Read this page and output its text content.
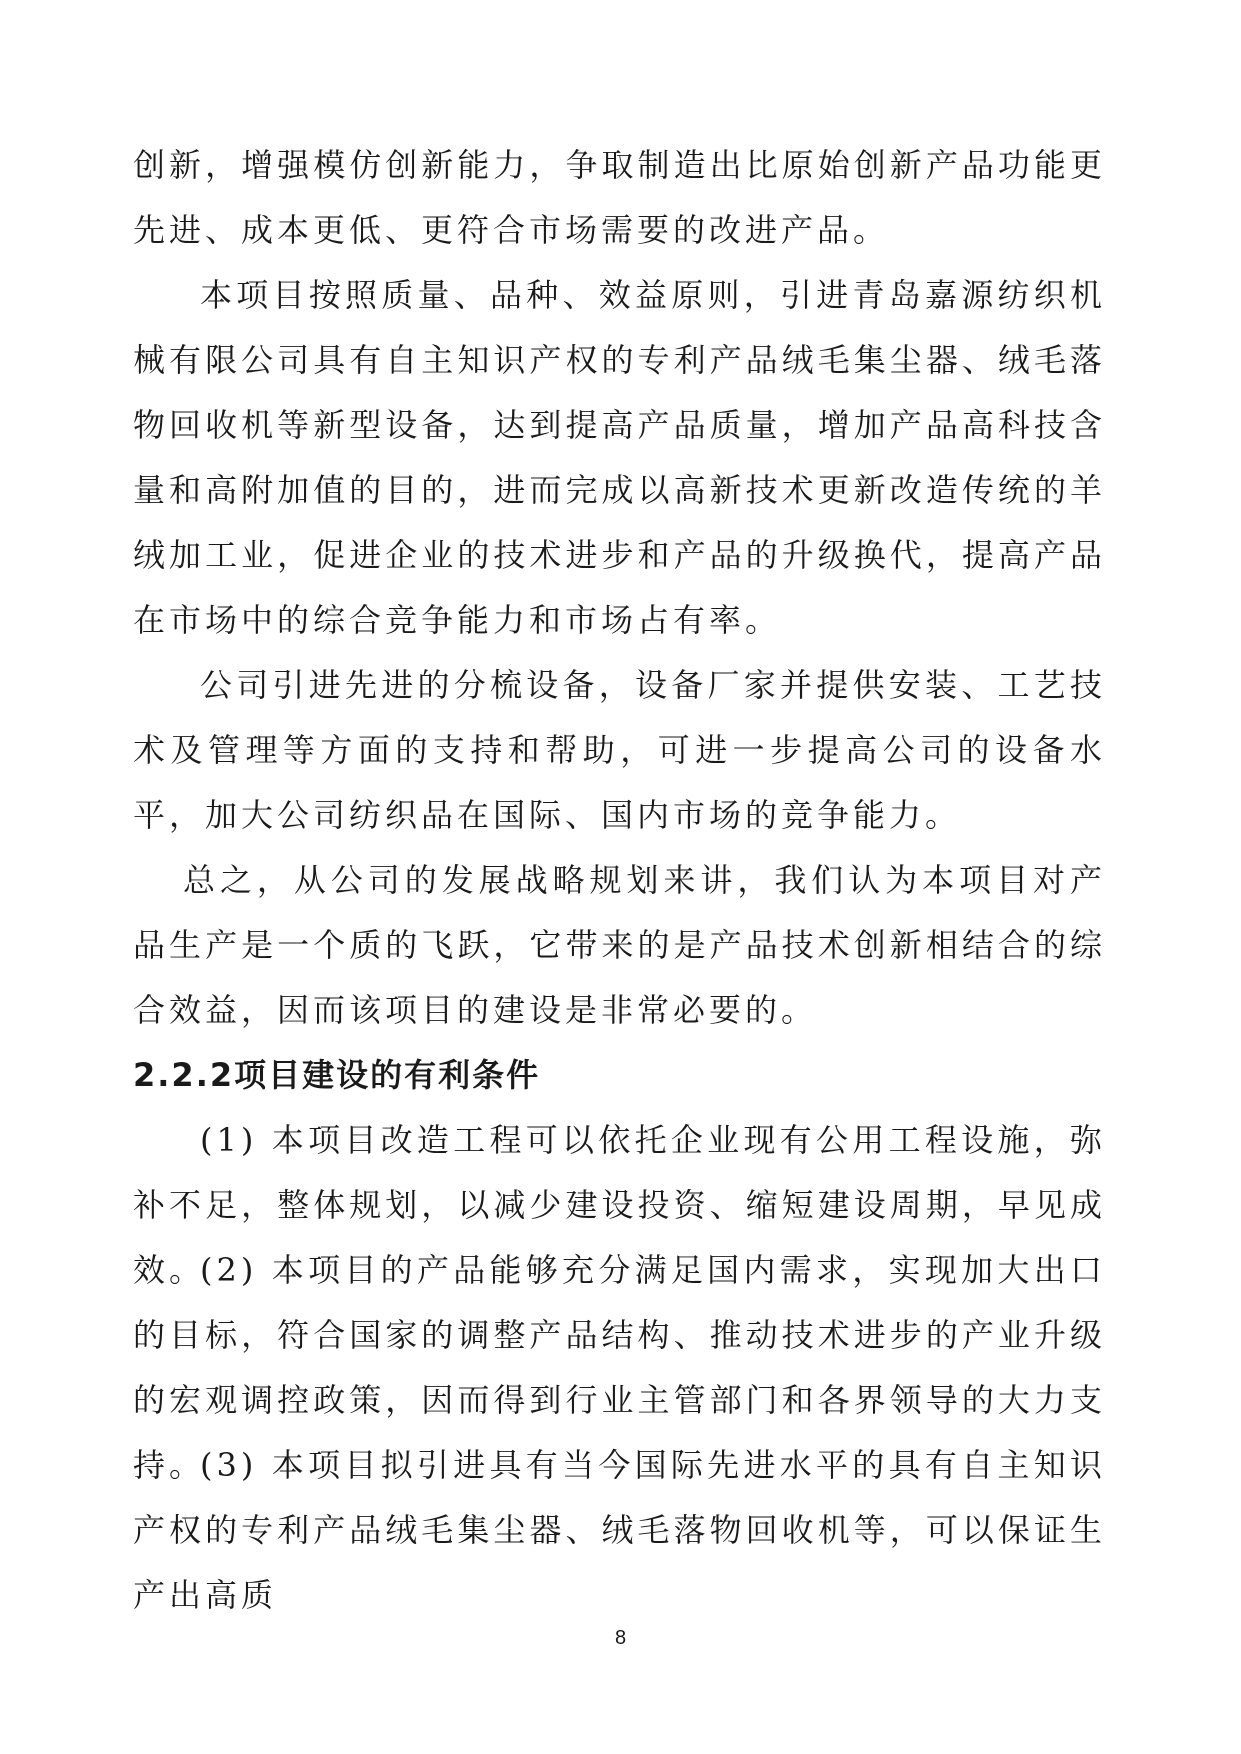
创新，增强模仿创新能力，争取制造出比原始创新产品功能更先进、成本更低、更符合市场需要的改进产品。

本项目按照质量、品种、效益原则，引进青岛嘉源纺织机械有限公司具有自主知识产权的专利产品绒毛集尘器、绒毛落物回收机等新型设备，达到提高产品质量，增加产品高科技含量和高附加值的目的，进而完成以高新技术更新改造传统的羊绒加工业，促进企业的技术进步和产品的升级换代，提高产品在市场中的综合竞争能力和市场占有率。

公司引进先进的分梳设备，设备厂家并提供安装、工艺技术及管理等方面的支持和帮助，可进一步提高公司的设备水平，加大公司纺织品在国际、国内市场的竞争能力。

总之，从公司的发展战略规划来讲，我们认为本项目对产品生产是一个质的飞跃，它带来的是产品技术创新相结合的综合效益，因而该项目的建设是非常必要的。

2.2.2项目建设的有利条件

(1) 本项目改造工程可以依托企业现有公用工程设施，弥补不足，整体规划，以减少建设投资、缩短建设周期，早见成效。

(2) 本项目的产品能够充分满足国内需求，实现加大出口的目标，符合国家的调整产品结构、推动技术进步的产业升级的宏观调控政策，因而得到行业主管部门和各界领导的大力支持。

(3) 本项目拟引进具有当今国际先进水平的具有自主知识产权的专利产品绒毛集尘器、绒毛落物回收机等，可以保证生产出高质

8
